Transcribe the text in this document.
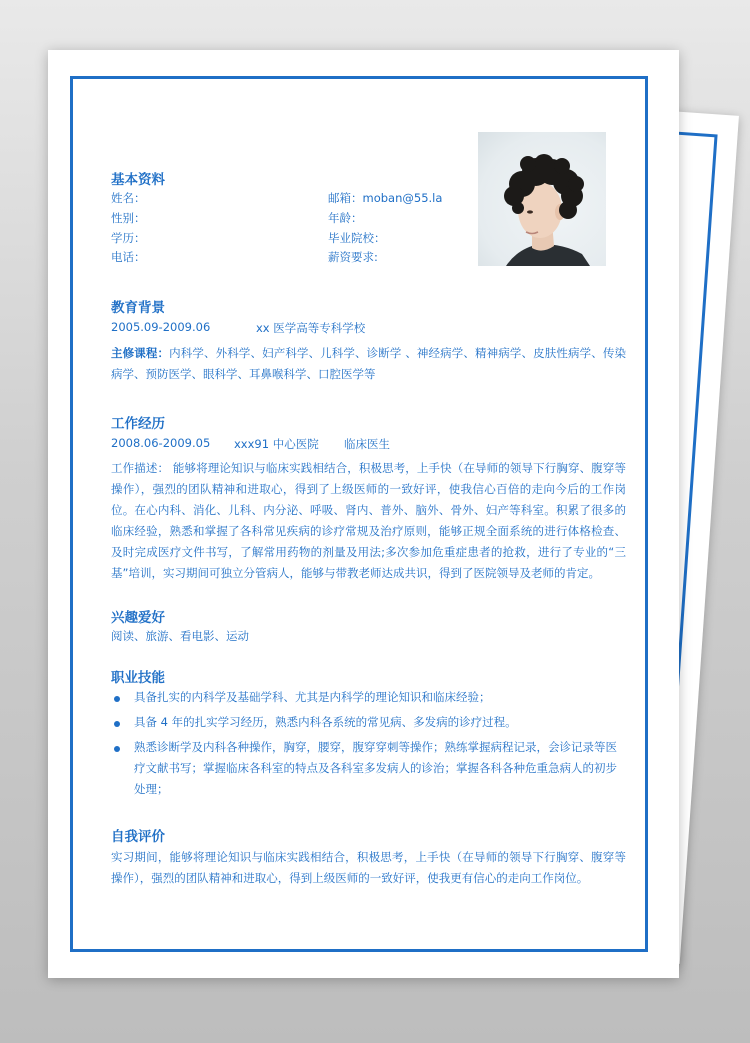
基本资料
姓名：	邮箱：moban@55.la
性别：	年龄：
学历：	毕业院校：
电话：	薪资要求:
教育背景
2005.09-2009.06	xx 医学高等专科学校
主修课程：内科学、外科学、妇产科学、儿科学、诊断学 、神经病学、精神病学、皮肤性病学、传染病学、预防医学、眼科学、耳鼻喉科学、口腔医学等
工作经历
2008.06-2009.05 xxx91 中心医院 临床医生
工作描述： 能够将理论知识与临床实践相结合，积极思考，上手快（在导师的领导下行胸穿、腹穿等操作），强烈的团队精神和进取心，得到了上级医师的一致好评，使我信心百倍的走向今后的工作岗位。在心内科、消化、儿科、内分泌、呼吸、肾内、普外、脑外、骨外、妇产等科室。积累了很多的临床经验，熟悉和掌握了各科常见疾病的诊疗常规及治疗原则，能够正规全面系统的进行体格检查、及时完成医疗文件书写，了解常用药物的剂量及用法;多次参加危重症患者的抢救，进行了专业的“三基”培训，实习期间可独立分管病人，能够与带教老师达成共识，得到了医院领导及老师的肯定。
兴趣爱好
阅读、旅游、看电影、运动
职业技能
具备扎实的内科学及基础学科、尤其是内科学的理论知识和临床经验；
具备 4 年的扎实学习经历，熟悉内科各系统的常见病、多发病的诊疗过程。
熟悉诊断学及内科各种操作，胸穿，腰穿，腹穿穿刺等操作；熟练掌握病程记录，会诊记录等医疗文献书写；掌握临床各科室的特点及各科室多发病人的诊治；掌握各科各种危重急病人的初步处理；
自我评价
实习期间，能够将理论知识与临床实践相结合，积极思考，上手快（在导师的领导下行胸穿、腹穿等操作），强烈的团队精神和进取心，得到上级医师的一致好评，使我更有信心的走向工作岗位。
